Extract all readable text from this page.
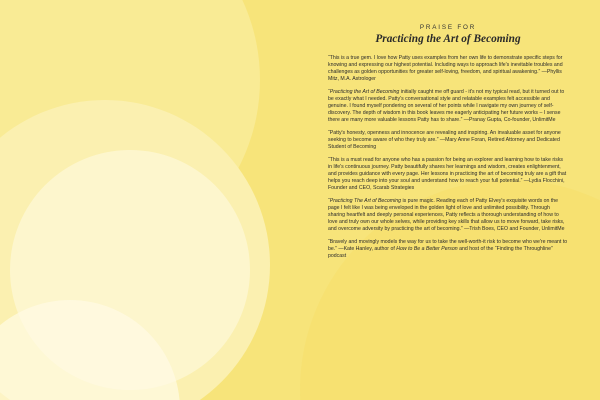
PRAISE FOR
Practicing the Art of Becoming

“This is a true gem. I love how Patty uses examples from her own life to demonstrate specific steps for knowing and expressing our highest potential. Including ways to approach life's inevitable troubles and challenges as golden opportunities for greater self-loving, freedom, and spiritual awakening.” —Phyllis Mitz, M.A. Astrologer

“Practicing the Art of Becoming initially caught me off guard - it's not my typical read, but it turned out to be exactly what I needed. Patty's conversational style and relatable examples felt accessible and genuine. I found myself pondering on several of her points while I navigate my own journey of self-discovery. The depth of wisdom in this book leaves me eagerly anticipating her future works – I sense there are many more valuable lessons Patty has to share.” —Pranay Gupta, Co-founder, UnlimitMe

“Patty's honesty, openness and innocence are revealing and inspiring. An invaluable asset for anyone seeking to become aware of who they truly are.” —Mary Anne Foran, Retired Attorney and Dedicated Student of Becoming

“This is a must read for anyone who has a passion for being an explorer and learning how to take risks in life's continuous journey. Patty beautifully shares her learnings and wisdom, creates enlightenment, and provides guidance with every page. Her lessons in practicing the art of becoming truly are a gift that helps you reach deep into your soul and understand how to reach your full potential.” —Lydia Flocchini, Founder and CEO, Scarab Strategies

“Practicing The Art of Becoming is pure magic. Reading each of Patty Elvey's exquisite words on the page I felt like I was being enveloped in the golden light of love and unlimited possibility. Through sharing heartfelt and deeply personal experiences, Patty reflects a thorough understanding of how to love and truly own our whole selves, while providing key skills that allow us to move forward, take risks, and overcome adversity by practicing the art of becoming.” —Trish Boes, CEO and Founder, UnlimitMe

“Bravely and movingly models the way for us to take the well-worth-it risk to become who we're meant to be.” —Kate Hanley, author of How to Be a Better Person and host of the “Finding the Throughline” podcast
